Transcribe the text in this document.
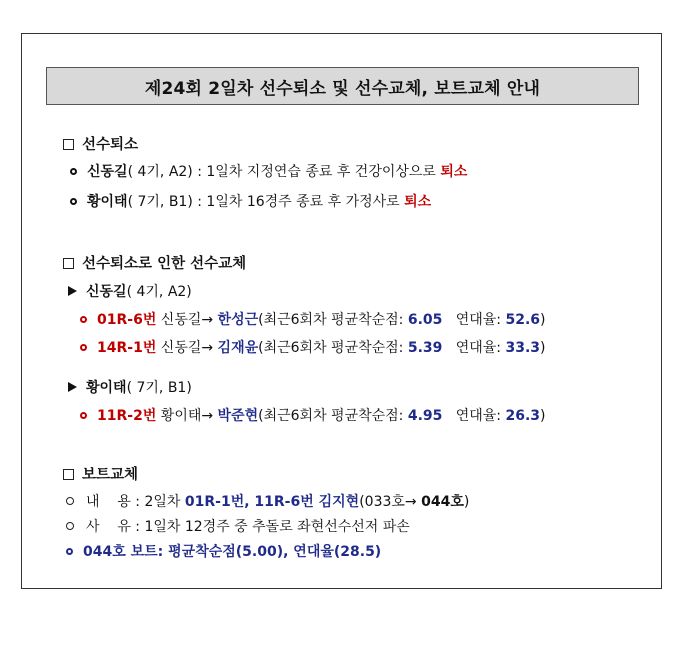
제24회 2일차 선수퇴소 및 선수교체, 보트교체 안내
선수퇴소
신동길( 4기, A2) : 1일차 지정연습 종료 후 건강이상으로 퇴소
황이태( 7기, B1) : 1일차 16경주 종료 후 가정사로 퇴소
선수퇴소로 인한 선수교체
신동길( 4기, A2)
01R-6번 신동길→ 한성근(최근6회차 평균착순점: 6.05   연대율: 52.6)
14R-1번 신동길→ 김재윤(최근6회차 평균착순점: 5.39   연대율: 33.3)
황이태( 7기, B1)
11R-2번 황이태→ 박준현(최근6회차 평균착순점: 4.95   연대율: 26.3)
보트교체
내    용 : 2일차 01R-1번, 11R-6번 김지현(033호→ 044호)
사    유 : 1일차 12경주 중 추돌로 좌현선수선저 파손
044호 보트: 평균착순점(5.00), 연대율(28.5)
